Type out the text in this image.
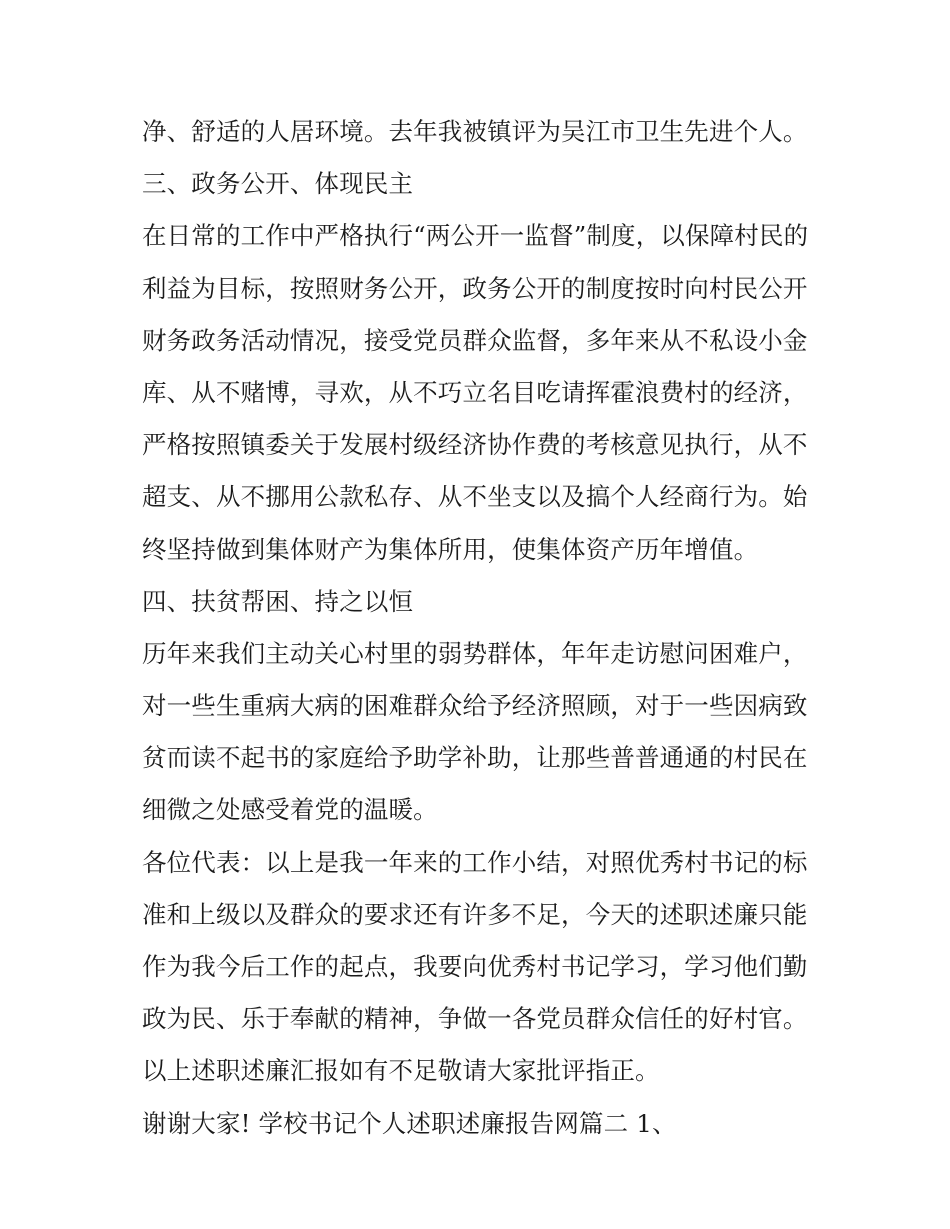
净、舒适的人居环境。去年我被镇评为吴江市卫生先进个人。
三、政务公开、体现民主
在日常的工作中严格执行“两公开一监督”制度，以保障村民的
利益为目标，按照财务公开，政务公开的制度按时向村民公开
财务政务活动情况，接受党员群众监督，多年来从不私设小金
库、从不赌博，寻欢，从不巧立名目吃请挥霍浪费村的经济，
严格按照镇委关于发展村级经济协作费的考核意见执行，从不
超支、从不挪用公款私存、从不坐支以及搞个人经商行为。始
终坚持做到集体财产为集体所用，使集体资产历年增值。
四、扶贫帮困、持之以恒
历年来我们主动关心村里的弱势群体，年年走访慰问困难户，
对一些生重病大病的困难群众给予经济照顾，对于一些因病致
贫而读不起书的家庭给予助学补助，让那些普普通通的村民在
细微之处感受着党的温暖。
各位代表：以上是我一年来的工作小结，对照优秀村书记的标
准和上级以及群众的要求还有许多不足，今天的述职述廉只能
作为我今后工作的起点，我要向优秀村书记学习，学习他们勤
政为民、乐于奉献的精神，争做一各党员群众信任的好村官。
以上述职述廉汇报如有不足敬请大家批评指正。
谢谢大家! 学校书记个人述职述廉报告网篇二 1、
